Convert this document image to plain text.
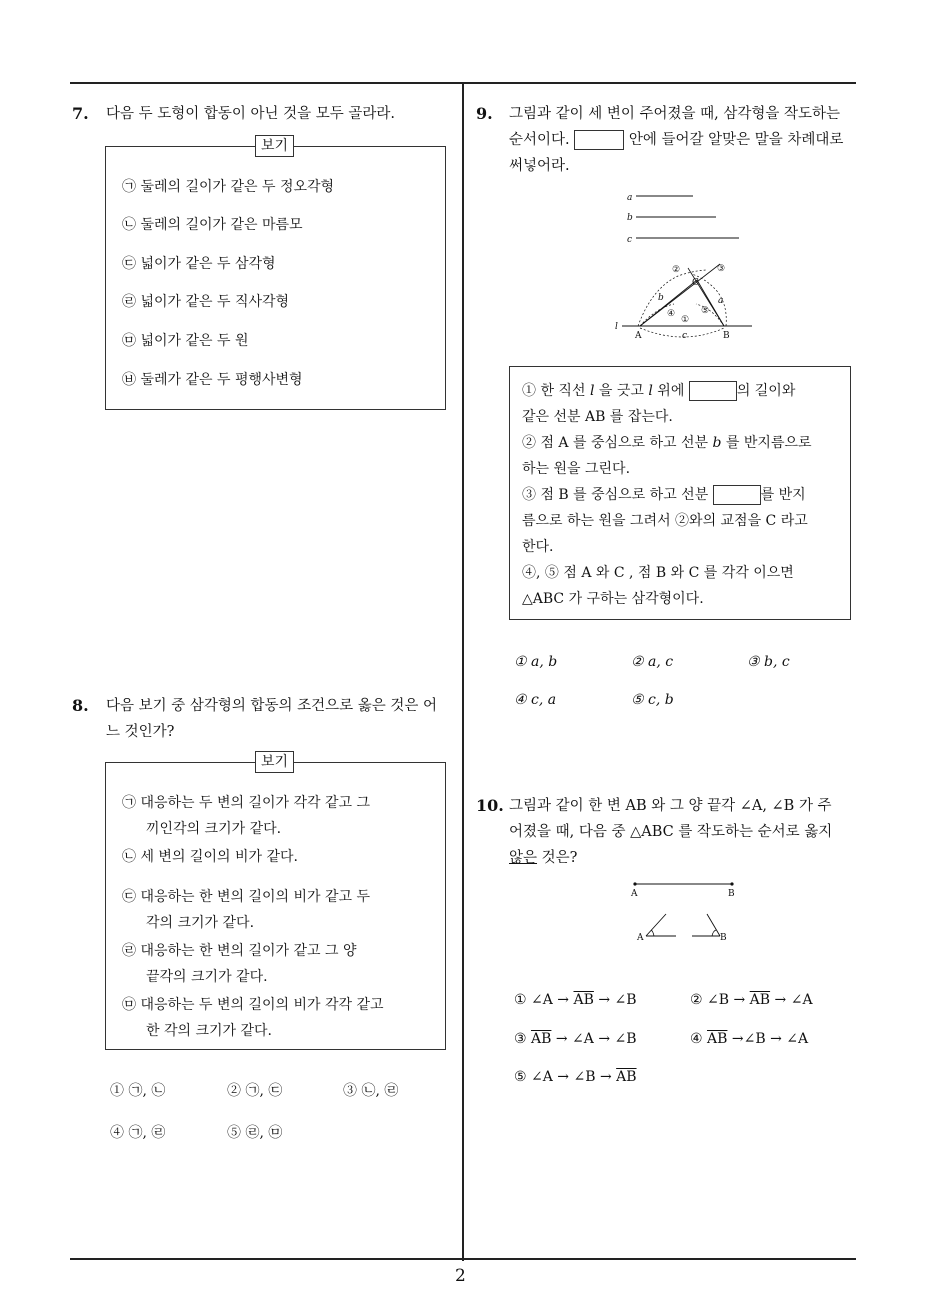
2
7. 다음 두 도형이 합동이 아닌 것을 모두 골라라.
보기
㉠ 둘레의 길이가 같은 두 정오각형
㉡ 둘레의 길이가 같은 마름모
㉢ 넓이가 같은 두 삼각형
㉣ 넓이가 같은 두 직사각형
㉤ 넓이가 같은 두 원
㉥ 둘레가 같은 두 평행사변형
8. 다음 보기 중 삼각형의 합동의 조건으로 옳은 것은 어
느 것인가?
보기
㉠ 대응하는 두 변의 길이가 각각 같고 그
끼인각의 크기가 같다.
㉡ 세 변의 길이의 비가 같다.
㉢ 대응하는 한 변의 길이의 비가 같고 두
각의 크기가 같다.
㉣ 대응하는 한 변의 길이가 같고 그 양
끝각의 크기가 같다.
㉤ 대응하는 두 변의 길이의 비가 각각 같고
한 각의 크기가 같다.
① ㉠, ㉡	② ㉠, ㉢	③ ㉡, ㉣
④ ㉠, ㉣	⑤ ㉣, ㉤
9. 그림과 같이 세 변이 주어졌을 때, 삼각형을 작도하는
순서이다.	안에 들어갈 알맞은 말을 차례대로
써넣어라.
a
b
c
l
A	B
C
b	a
c
①
②	③
④	⑤
① 한 직선 l 을 긋고 l 위에	의 길이와
같은 선분 AB 를 잡는다.
② 점 A 를 중심으로 하고 선분 b 를 반지름으로
하는 원을 그린다.
③ 점 B 를 중심으로 하고 선분	를 반지
름으로 하는 원을 그려서 ②와의 교점을 C 라고
한다.
④, ⑤ 점 A 와 C , 점 B 와 C 를 각각 이으면
△ABC 가 구하는 삼각형이다.
① a, b	② a, c	③ b, c
④ c, a	⑤ c, b
10. 그림과 같이 한 변 AB 와 그 양 끝각 ∠A, ∠B 가 주
어졌을 때, 다음 중 △ABC 를 작도하는 순서로 옳지
않은 것은?
A	B
A	B
① ∠A → $\overline{AB}$ → ∠B	② ∠B → $\overline{AB}$ → ∠A
③ $\overline{AB}$ → ∠A → ∠B	④ $\overline{AB}$ →∠B → ∠A
⑤ ∠A → ∠B → $\overline{AB}$
